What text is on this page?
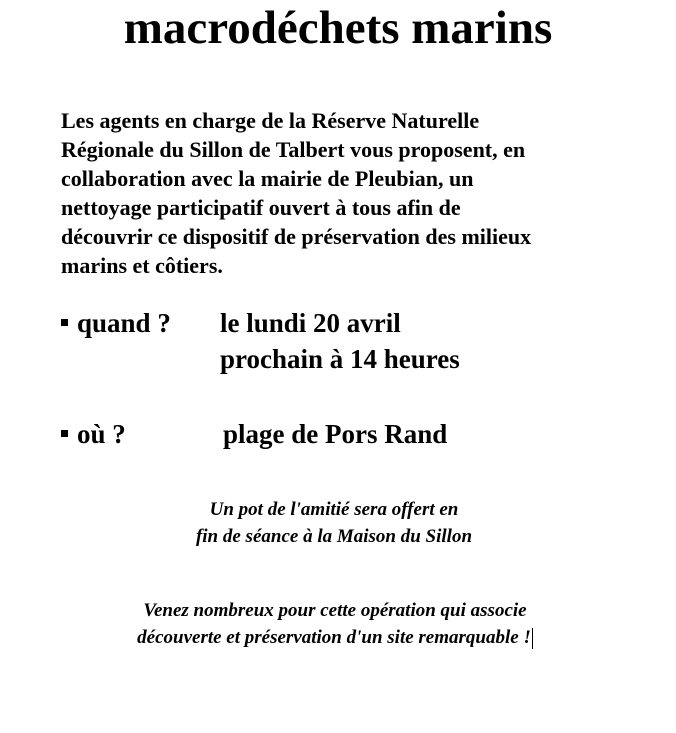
macrodéchets marins

Les agents en charge de la Réserve Naturelle
Régionale du Sillon de Talbert vous proposent, en
collaboration avec la mairie de Pleubian, un
nettoyage participatif ouvert à tous afin de
découvrir ce dispositif de préservation des milieux
marins et côtiers.

quand ?	le lundi 20 avril
prochain à 14 heures
où ?	plage de Pors Rand

Un pot de l'amitié sera offert en
fin de séance à la Maison du Sillon

Venez nombreux pour cette opération qui associe
découverte et préservation d'un site remarquable !
